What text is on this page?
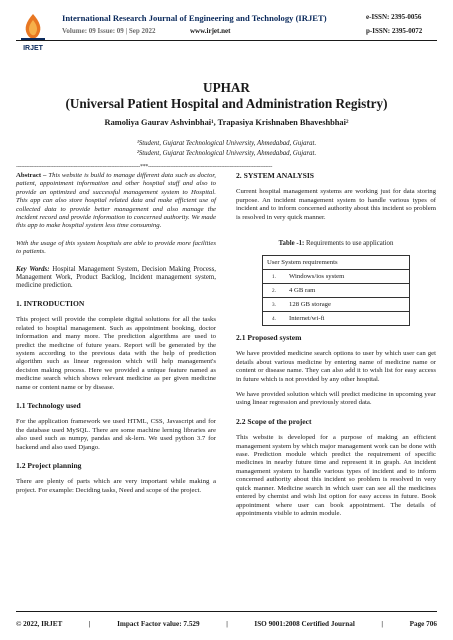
IRJET
International Research Journal of Engineering and Technology (IRJET)
Volume: 09 Issue: 09 | Sep 2022	www.irjet.net
e-ISSN: 2395-0056
p-ISSN: 2395-0072
UPHAR
(Universal Patient Hospital and Administration Registry)
Ramoliya Gaurav Ashvinbhai¹, Trapasiya Krishnaben Bhaveshbhai²
¹Student, Gujarat Technological University, Ahmedabad, Gujarat.
²Student, Gujarat Technological University, Ahmedabad, Gujarat.
-------------------------------------------------------------------------***-------------------------------------------------------------------------

Abstract – This website is build to manage different data such as doctor, patient, appointment information and other hospital stuff and also to provide an optimized and successful management system to Hospital. This app can also store hospital related data and make efficient use of collected data to provide better management and also manage the incident record and provide information to concerned authority. We made this app to make hospital system less time consuming.

With the usage of this system hospitals are able to provide more facilities to patients.

Key Words: Hospital Management System, Decision Making Process, Management Work, Product Backlog, Incident management system, medicine prediction.

1. INTRODUCTION

This project will provide the complete digital solutions for all the tasks related to hospital management. Such as appointment booking, doctor information and many more. The prediction algorithms are used to predict the medicine of future years. Report will be generated by the system according to the previous data with the help of prediction algorithm such as linear regression which will help management's decision making process. Here we provided a unique feature named as medicine search which shows relevant medicine as per given medicine name or content name or by disease.

1.1 Technology used

For the application framework we used HTML, CSS, Javascript and for the database used MySQL. There are some machine lerning libraries are also used such as numpy, pandas and sk-lern. We used python 3.7 for backend and also used Django.

1.2 Project planning

There are plenty of parts which are very important while making a project. For example: Deciding tasks, Need and scope of the project.

2. SYSTEM ANALYSIS

Current hospital management systems are working just for data storing purpose. An incident management system to handle various types of incident and to inform concerned authority about this incident so problem is resolved in very quick manner.

Table -1: Requirements to use application
User System requirements	
1.	Windows/ios system
2.	4 GB ram
3.	128 GB storage
4.	Internet/wi-fi
2.1 Proposed system

We have provided medicine search options to user by which user can get details about various medicine by entering name of medicine name or content or disease name. They can also add it to wish list for easy access in future which is not provided by any other hospital.

We have provided solution which will predict medicine in upcoming year using linear regression and previously stored data.

2.2 Scope of the project

This website is developed for a purpose of making an efficient management system by which major management work can be done with ease. Prediction module which predict the requirement of specific medicines in nearby future time and represent it in graph. An incident management system to handle various types of incident and to inform concerned authority about this incident so problem is resolved in very quick manner. Medicine search in which user can see all the medicines entered by chemist and wish list option for easy access in future. Book appointment where user can book appointment. The details of appointments visible to admin module.

© 2022, IRJET	|	Impact Factor value: 7.529	|	ISO 9001:2008 Certified Journal	|	Page 706
